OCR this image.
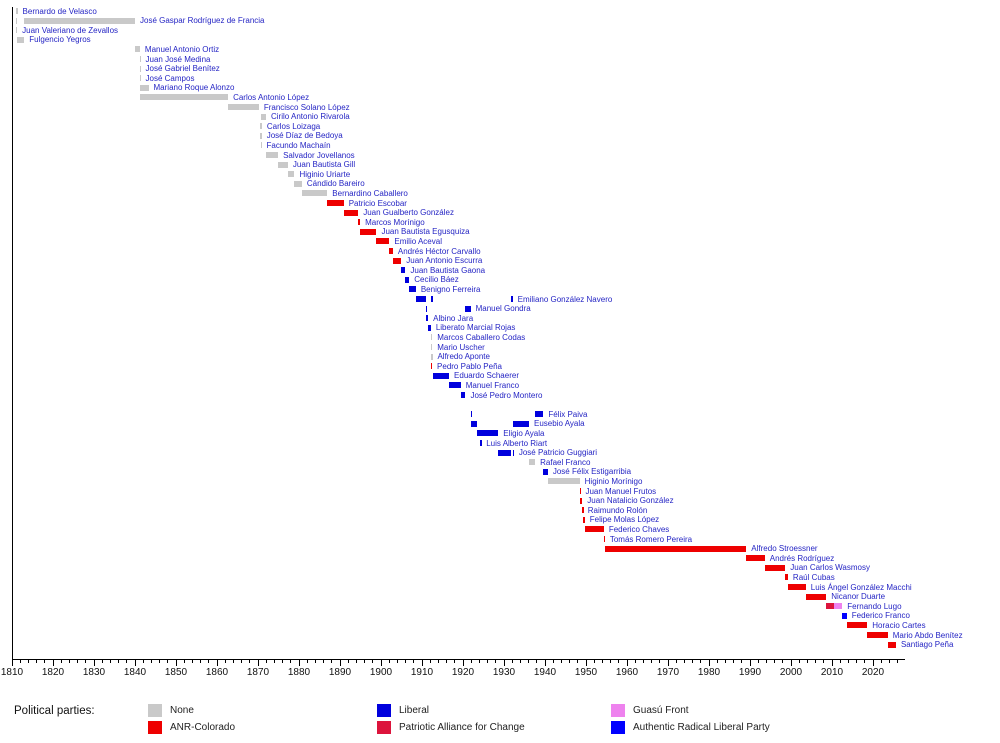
Political parties:
Bernardo de Velasco
José Gaspar Rodríguez de Francia
Juan Valeriano de Zevallos
Fulgencio Yegros
Manuel Antonio Ortiz
Juan José Medina
José Gabriel Benítez
José Campos
Mariano Roque Alonzo
Carlos Antonio López
Francisco Solano López
Cirilo Antonio Rivarola
Carlos Loizaga
José Díaz de Bedoya
Facundo Machaín
Salvador Jovellanos
Juan Bautista Gill
Higinio Uriarte
Cándido Bareiro
Bernardino Caballero
Patricio Escobar
Juan Gualberto González
Marcos Morínigo
Juan Bautista Egusquiza
Emilio Aceval
Andrés Héctor Carvallo
Juan Antonio Escurra
Juan Bautista Gaona
Cecilio Báez
Benigno Ferreira
Emiliano González Navero
Manuel Gondra
Albino Jara
Liberato Marcial Rojas
Marcos Caballero Codas
Mario Uscher
Alfredo Aponte
Pedro Pablo Peña
Eduardo Schaerer
Manuel Franco
José Pedro Montero
Félix Paiva
Eusebio Ayala
Eligio Ayala
Luis Alberto Riart
José Patricio Guggiari
Rafael Franco
José Félix Estigarribia
Higinio Morínigo
Juan Manuel Frutos
Juan Natalicio González
Raimundo Rolón
Felipe Molas López
Federico Chaves
Tomás Romero Pereira
Alfredo Stroessner
Andrés Rodríguez
Juan Carlos Wasmosy
Raúl Cubas
Luis Ángel González Macchi
Nicanor Duarte
Fernando Lugo
Federico Franco
Horacio Cartes
Mario Abdo Benítez
Santiago Peña
1810	1820	1830	1840	1850	1860	1870	1880	1890	1900	1910	1920	1930	1940	1950	1960	1970	1980	1990	2000	2010	2020
None
ANR-Colorado
Liberal
Patriotic Alliance for Change
Guasú Front
Authentic Radical Liberal Party
